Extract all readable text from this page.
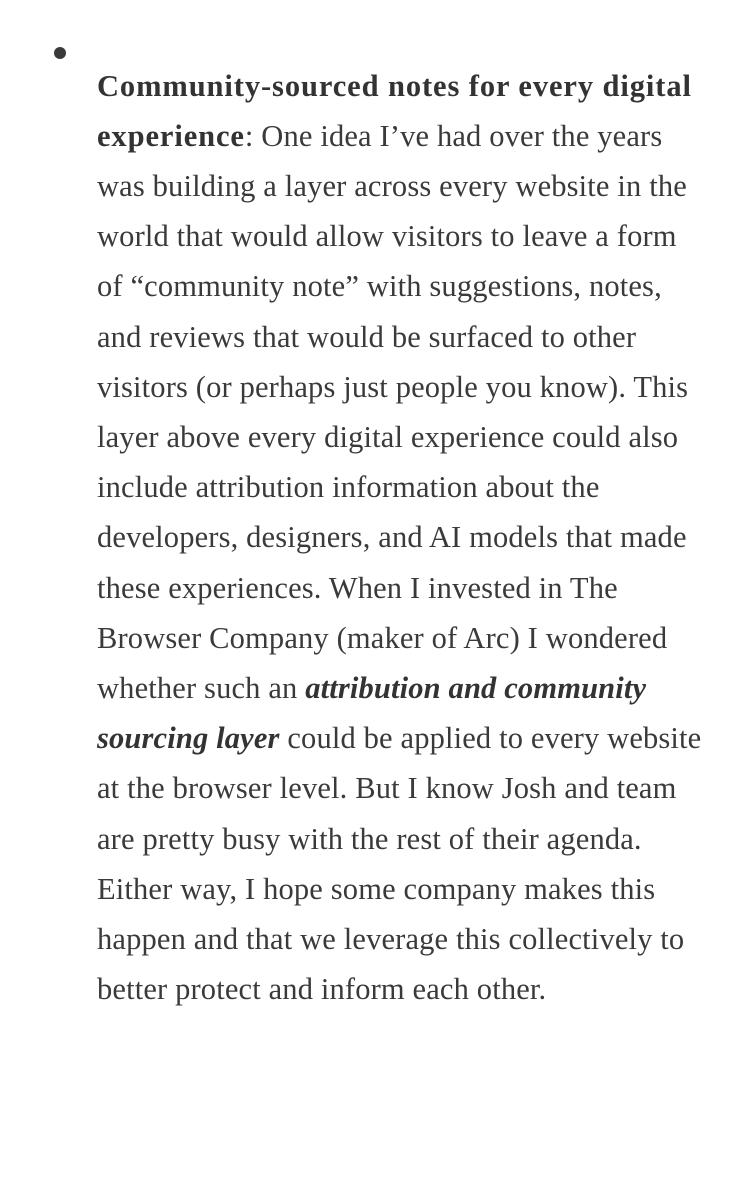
Community-sourced notes for every digital experience: One idea I’ve had over the years was building a layer across every website in the world that would allow visitors to leave a form of “community note” with suggestions, notes, and reviews that would be surfaced to other visitors (or perhaps just people you know). This layer above every digital experience could also include attribution information about the developers, designers, and AI models that made these experiences. When I invested in The Browser Company (maker of Arc) I wondered whether such an attribution and community sourcing layer could be applied to every website at the browser level. But I know Josh and team are pretty busy with the rest of their agenda. Either way, I hope some company makes this happen and that we leverage this collectively to better protect and inform each other.
